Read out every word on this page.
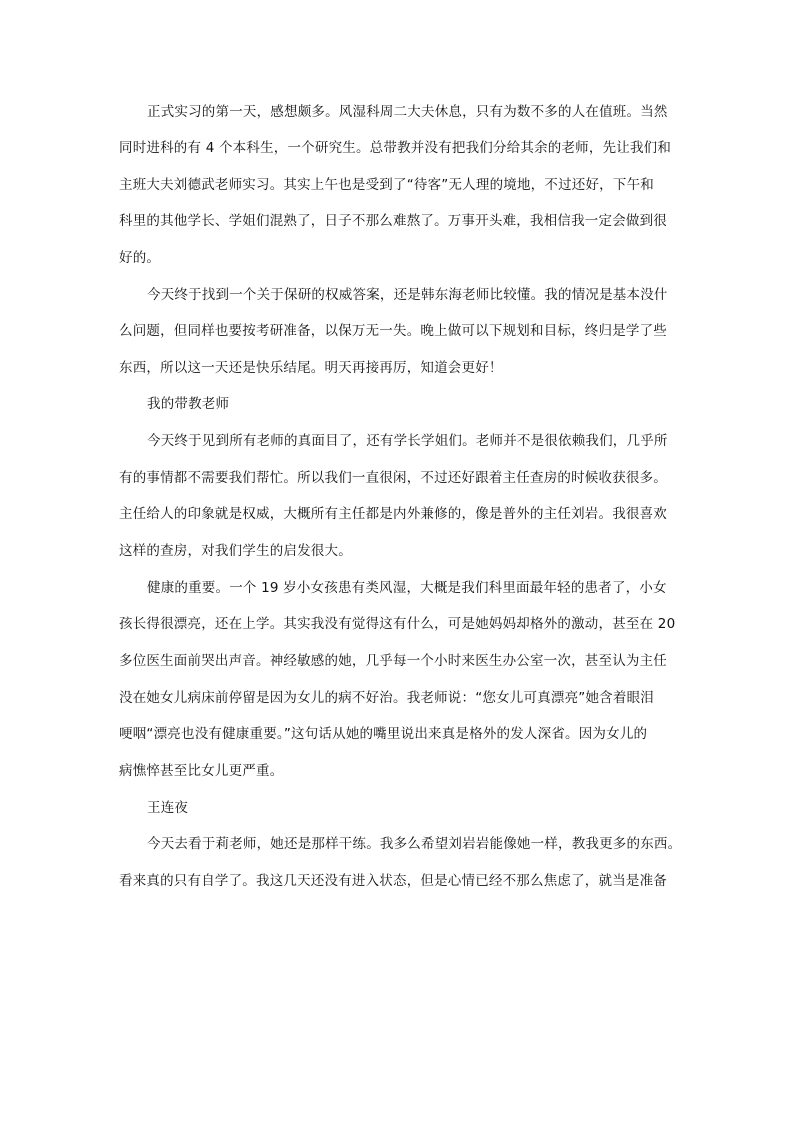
正式实习的第一天，感想颇多。风湿科周二大夫休息，只有为数不多的人在值班。当然
同时进科的有 4 个本科生，一个研究生。总带教并没有把我们分给其余的老师，先让我们和
主班大夫刘德武老师实习。其实上午也是受到了“待客”无人理的境地，不过还好，下午和
科里的其他学长、学姐们混熟了，日子不那么难熬了。万事开头难，我相信我一定会做到很
好的。
今天终于找到一个关于保研的权威答案，还是韩东海老师比较懂。我的情况是基本没什
么问题，但同样也要按考研准备，以保万无一失。晚上做可以下规划和目标，终归是学了些
东西，所以这一天还是快乐结尾。明天再接再厉，知道会更好！
我的带教老师
今天终于见到所有老师的真面目了，还有学长学姐们。老师并不是很依赖我们，几乎所
有的事情都不需要我们帮忙。所以我们一直很闲，不过还好跟着主任查房的时候收获很多。
主任给人的印象就是权威，大概所有主任都是内外兼修的，像是普外的主任刘岩。我很喜欢
这样的查房，对我们学生的启发很大。
健康的重要。一个 19 岁小女孩患有类风湿，大概是我们科里面最年轻的患者了，小女
孩长得很漂亮，还在上学。其实我没有觉得这有什么，可是她妈妈却格外的激动，甚至在 20
多位医生面前哭出声音。神经敏感的她，几乎每一个小时来医生办公室一次，甚至认为主任
没在她女儿病床前停留是因为女儿的病不好治。我老师说：“您女儿可真漂亮”她含着眼泪
哽咽“漂亮也没有健康重要。”这句话从她的嘴里说出来真是格外的发人深省。因为女儿的
病憔悴甚至比女儿更严重。
王连夜
今天去看于莉老师，她还是那样干练。我多么希望刘岩岩能像她一样，教我更多的东西。
看来真的只有自学了。我这几天还没有进入状态，但是心情已经不那么焦虑了，就当是准备
